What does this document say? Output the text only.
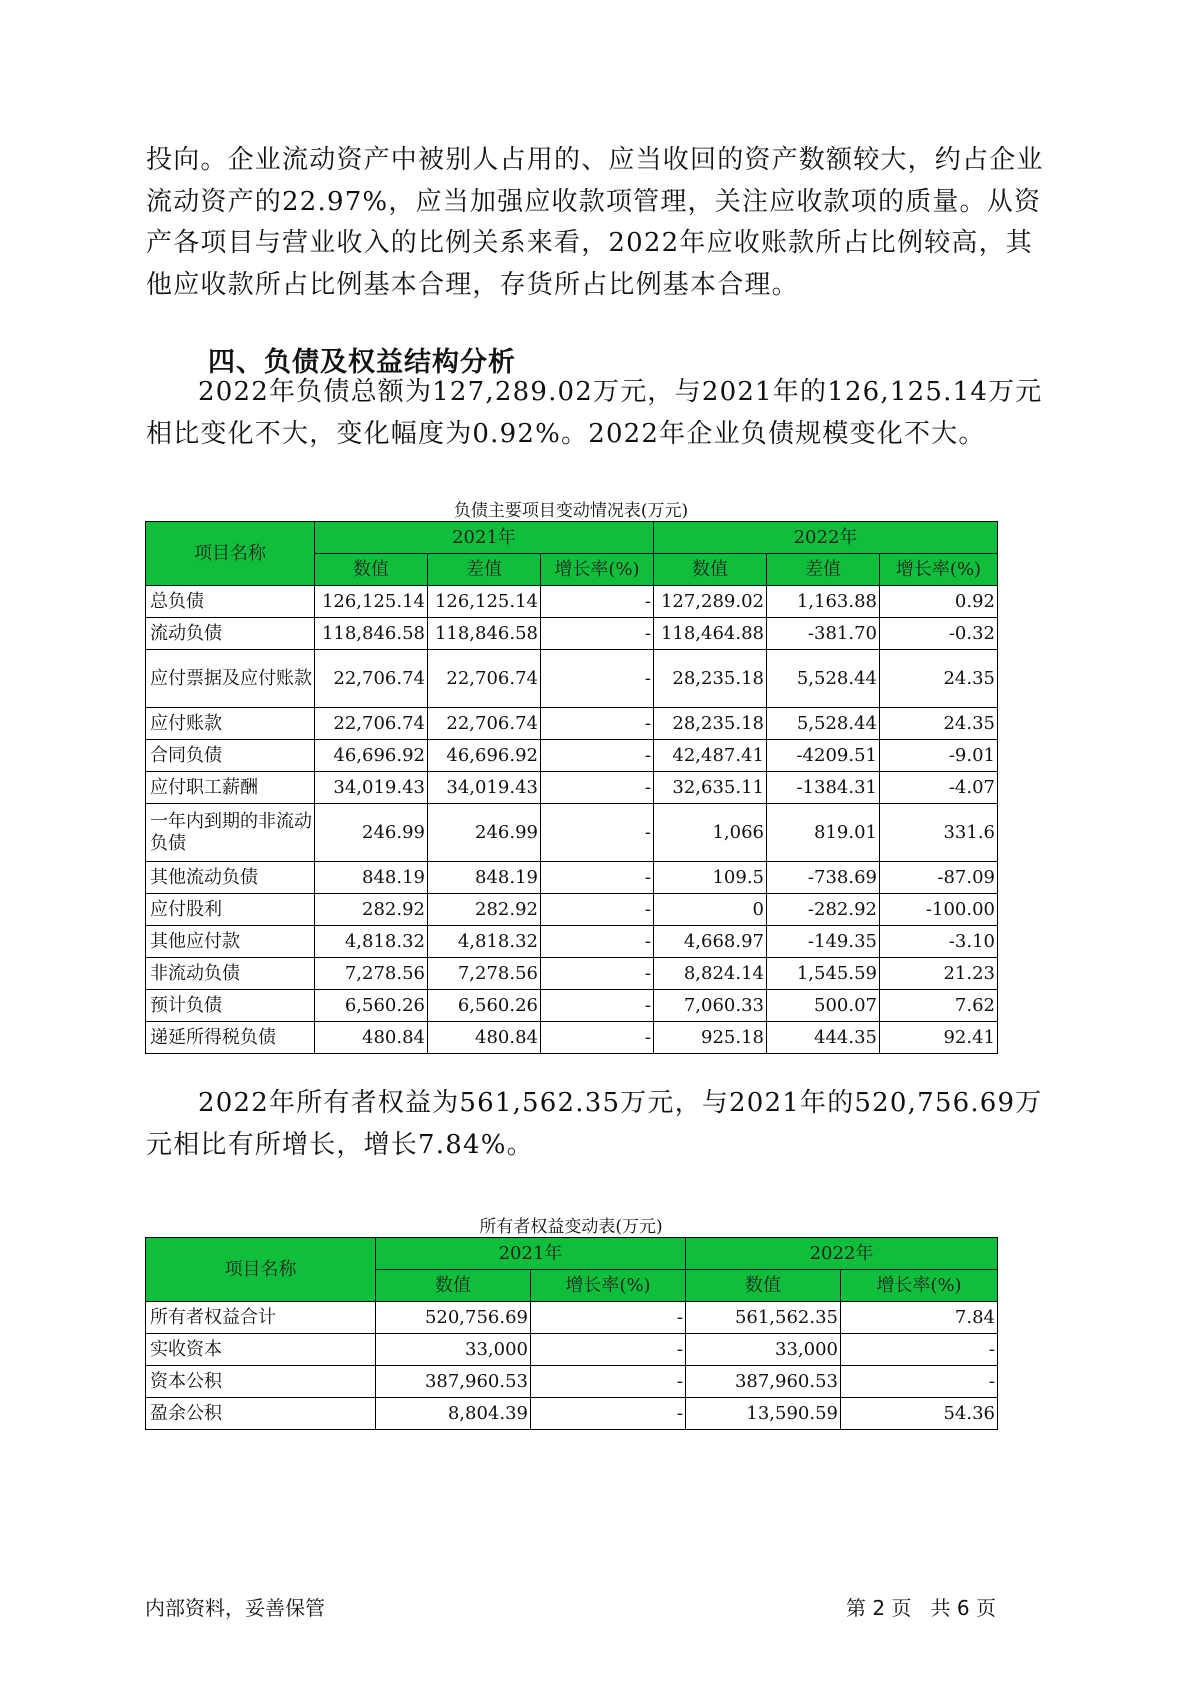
投向。企业流动资产中被别人占用的、应当收回的资产数额较大，约占企业流动资产的22.97%，应当加强应收款项管理，关注应收款项的质量。从资产各项目与营业收入的比例关系来看，2022年应收账款所占比例较高，其他应收款所占比例基本合理，存货所占比例基本合理。

四、负债及权益结构分析

2022年负债总额为127,289.02万元，与2021年的126,125.14万元相比变化不大，变化幅度为0.92%。2022年企业负债规模变化不大。

负债主要项目变动情况表(万元)
项目名称	2021年			2022年		
	数值	差值	增长率(%)	数值	差值	增长率(%)
总负债	126,125.14	126,125.14	-	127,289.02	1,163.88	0.92
流动负债	118,846.58	118,846.58	-	118,464.88	-381.70	-0.32
应付票据及应付账款	22,706.74	22,706.74	-	28,235.18	5,528.44	24.35
应付账款	22,706.74	22,706.74	-	28,235.18	5,528.44	24.35
合同负债	46,696.92	46,696.92	-	42,487.41	-4209.51	-9.01
应付职工薪酬	34,019.43	34,019.43	-	32,635.11	-1384.31	-4.07
一年内到期的非流动负债	246.99	246.99	-	1,066	819.01	331.6
其他流动负债	848.19	848.19	-	109.5	-738.69	-87.09
应付股利	282.92	282.92	-	0	-282.92	-100.00
其他应付款	4,818.32	4,818.32	-	4,668.97	-149.35	-3.10
非流动负债	7,278.56	7,278.56	-	8,824.14	1,545.59	21.23
预计负债	6,560.26	6,560.26	-	7,060.33	500.07	7.62
递延所得税负债	480.84	480.84	-	925.18	444.35	92.41

2022年所有者权益为561,562.35万元，与2021年的520,756.69万元相比有所增长，增长7.84%。

所有者权益变动表(万元)
项目名称	2021年		2022年	
	数值	增长率(%)	数值	增长率(%)
所有者权益合计	520,756.69	-	561,562.35	7.84
实收资本	33,000	-	33,000	-
资本公积	387,960.53	-	387,960.53	-
盈余公积	8,804.39	-	13,590.59	54.36
内部资料，妥善保管	第 2 页   共 6 页
